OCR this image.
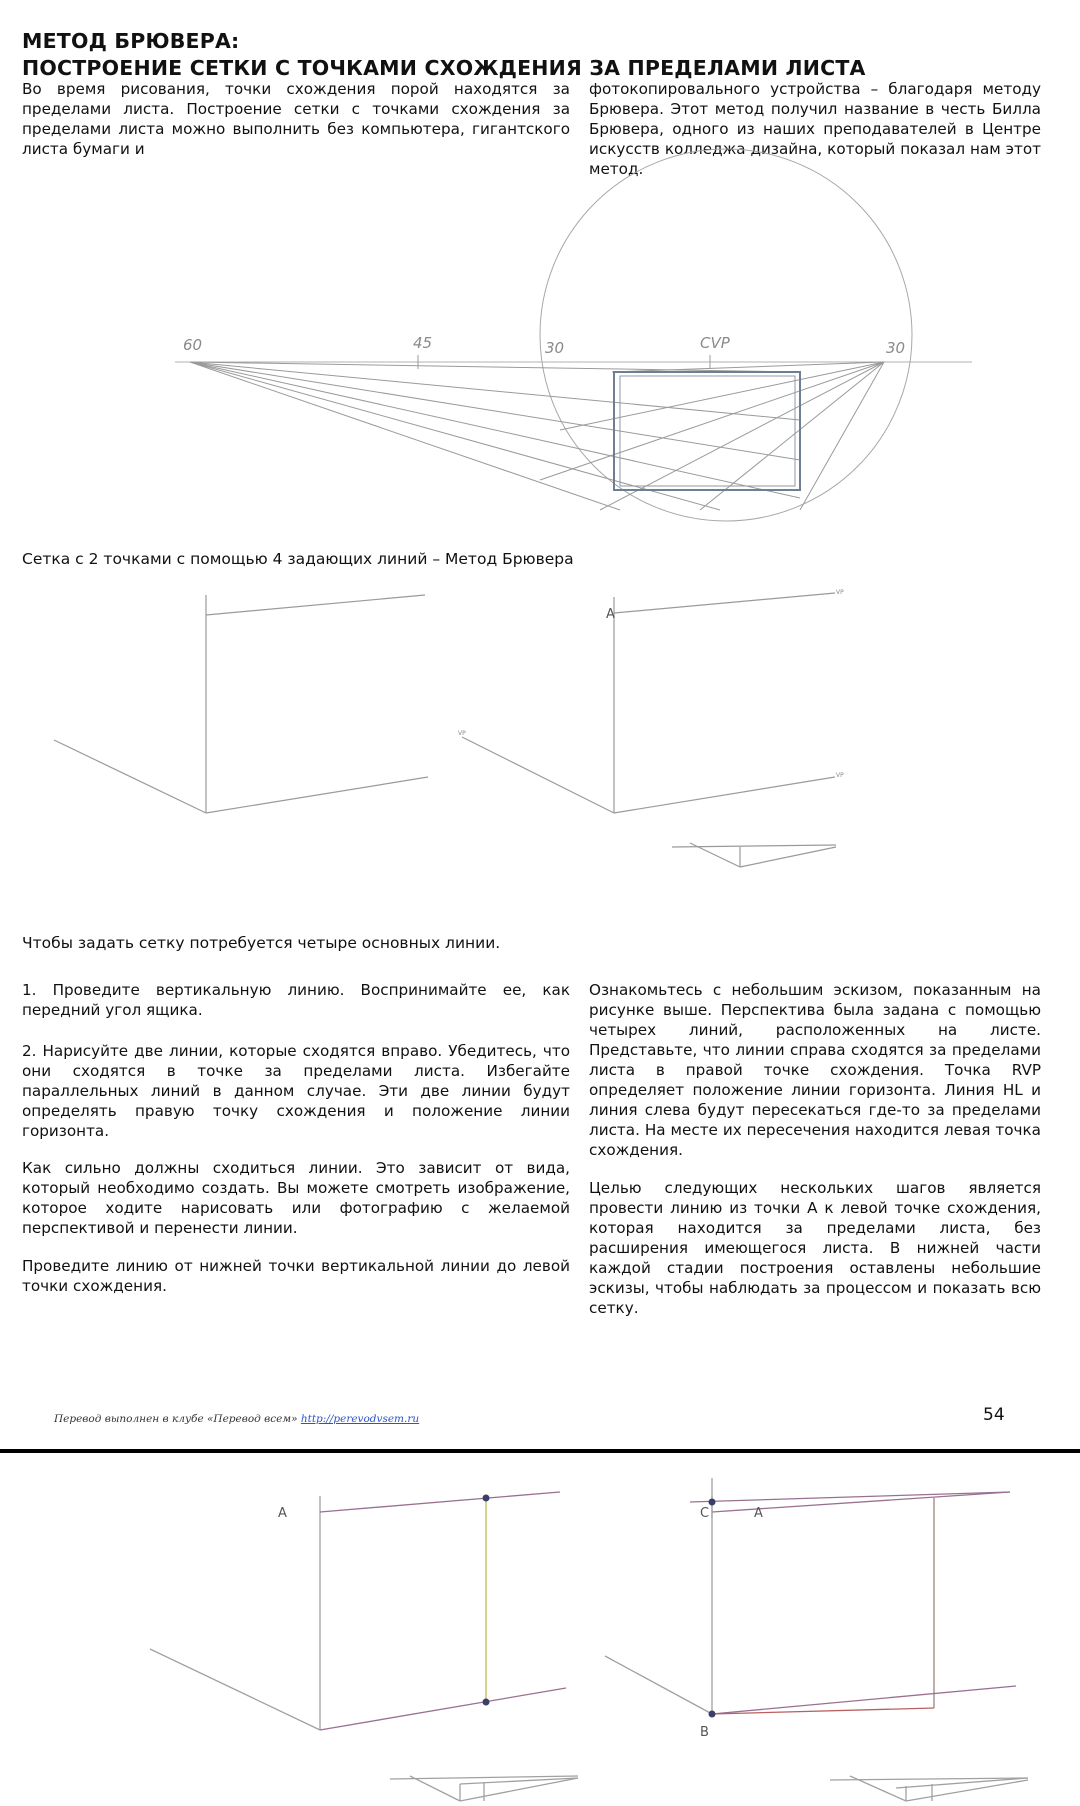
МЕТОД БРЮВЕРА:
ПОСТРОЕНИЕ СЕТКИ С ТОЧКАМИ СХОЖДЕНИЯ ЗА ПРЕДЕЛАМИ ЛИСТА
Во время рисования, точки схождения порой находятся за пределами листа. Построение сетки с точками схождения за пределами листа можно выполнить без компьютера, гигантского листа бумаги и
фотокопировального устройства – благодаря методу Брювера. Этот метод получил название в честь Билла Брювера, одного из наших преподавателей в Центре искусств колледжа дизайна, который показал нам этот метод.
60	45	30	CVP	30
Сетка с 2 точками с помощью 4 задающих линий – Метод Брювера
A
VP
VP
VP
Чтобы задать сетку потребуется четыре основных линии.
1. Проведите вертикальную линию. Воспринимайте ее, как передний угол ящика.
2. Нарисуйте две линии, которые сходятся вправо. Убедитесь, что они сходятся в точке за пределами листа. Избегайте параллельных линий в данном случае. Эти две линии будут определять правую точку схождения и положение линии горизонта.
Как сильно должны сходиться линии. Это зависит от вида, который необходимо создать. Вы можете смотреть изображение, которое ходите нарисовать или фотографию с желаемой перспективой и перенести линии.
Проведите линию от нижней точки вертикальной линии до левой точки схождения.
Ознакомьтесь с небольшим эскизом, показанным на рисунке выше. Перспектива была задана с помощью четырех линий, расположенных на листе. Представьте, что линии справа сходятся за пределами листа в правой точке схождения. Точка RVP определяет положение линии горизонта. Линия HL и линия слева будут пересекаться где-то за пределами листа. На месте их пересечения находится левая точка схождения.
Целью следующих нескольких шагов является провести линию из точки A к левой точке схождения, которая находится за пределами листа, без расширения имеющегося листа. В нижней части каждой стадии построения оставлены небольшие эскизы, чтобы наблюдать за процессом и показать всю сетку.
Перевод выполнен в клубе «Перевод всем» http://perevodvsem.ru	54
A	C	A
B
